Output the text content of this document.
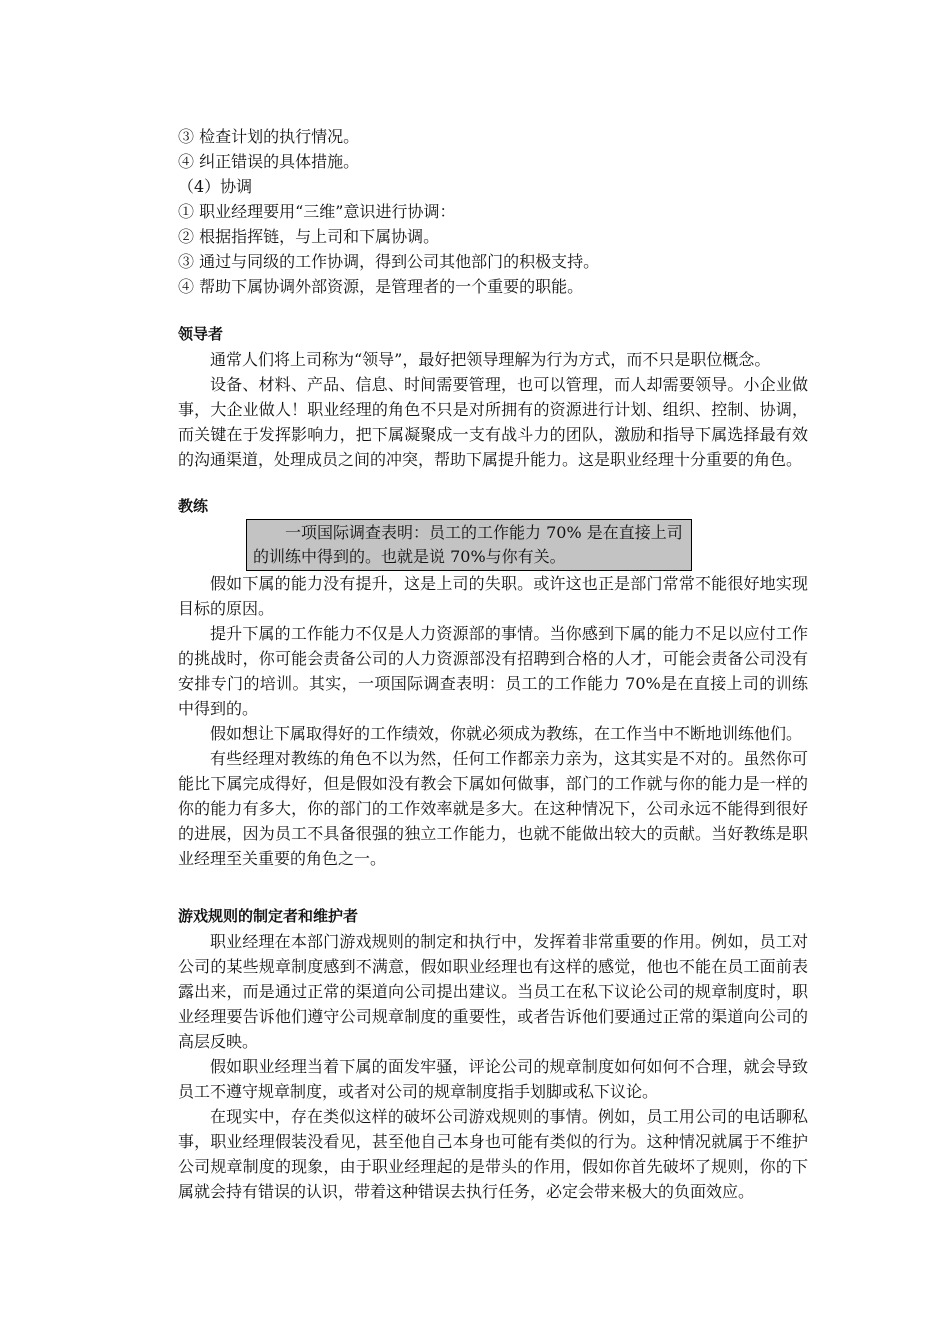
③ 检查计划的执行情况。
④ 纠正错误的具体措施。
（4）协调
① 职业经理要用“三维”意识进行协调：
② 根据指挥链，与上司和下属协调。
③ 通过与同级的工作协调，得到公司其他部门的积极支持。
④ 帮助下属协调外部资源，是管理者的一个重要的职能。
领导者

通常人们将上司称为“领导”，最好把领导理解为行为方式，而不只是职位概念。

设备、材料、产品、信息、时间需要管理，也可以管理，而人却需要领导。小企业做事，大企业做人！职业经理的角色不只是对所拥有的资源进行计划、组织、控制、协调，而关键在于发挥影响力，把下属凝聚成一支有战斗力的团队，激励和指导下属选择最有效的沟通渠道，处理成员之间的冲突，帮助下属提升能力。这是职业经理十分重要的角色。

教练
一项国际调查表明：员工的工作能力 70% 是在直接上司的训练中得到的。也就是说 70%与你有关。

假如下属的能力没有提升，这是上司的失职。或许这也正是部门常常不能很好地实现目标的原因。

提升下属的工作能力不仅是人力资源部的事情。当你感到下属的能力不足以应付工作的挑战时，你可能会责备公司的人力资源部没有招聘到合格的人才，可能会责备公司没有安排专门的培训。其实，一项国际调查表明：员工的工作能力 70%是在直接上司的训练中得到的。

假如想让下属取得好的工作绩效，你就必须成为教练，在工作当中不断地训练他们。

有些经理对教练的角色不以为然，任何工作都亲力亲为，这其实是不对的。虽然你可能比下属完成得好，但是假如没有教会下属如何做事，部门的工作就与你的能力是一样的你的能力有多大，你的部门的工作效率就是多大。在这种情况下，公司永远不能得到很好的进展，因为员工不具备很强的独立工作能力，也就不能做出较大的贡献。当好教练是职业经理至关重要的角色之一。

游戏规则的制定者和维护者

职业经理在本部门游戏规则的制定和执行中，发挥着非常重要的作用。例如，员工对公司的某些规章制度感到不满意，假如职业经理也有这样的感觉，他也不能在员工面前表露出来，而是通过正常的渠道向公司提出建议。当员工在私下议论公司的规章制度时，职业经理要告诉他们遵守公司规章制度的重要性，或者告诉他们要通过正常的渠道向公司的高层反映。

假如职业经理当着下属的面发牢骚，评论公司的规章制度如何如何不合理，就会导致员工不遵守规章制度，或者对公司的规章制度指手划脚或私下议论。

在现实中，存在类似这样的破坏公司游戏规则的事情。例如，员工用公司的电话聊私事，职业经理假装没看见，甚至他自己本身也可能有类似的行为。这种情况就属于不维护公司规章制度的现象，由于职业经理起的是带头的作用，假如你首先破坏了规则，你的下属就会持有错误的认识，带着这种错误去执行任务，必定会带来极大的负面效应。
